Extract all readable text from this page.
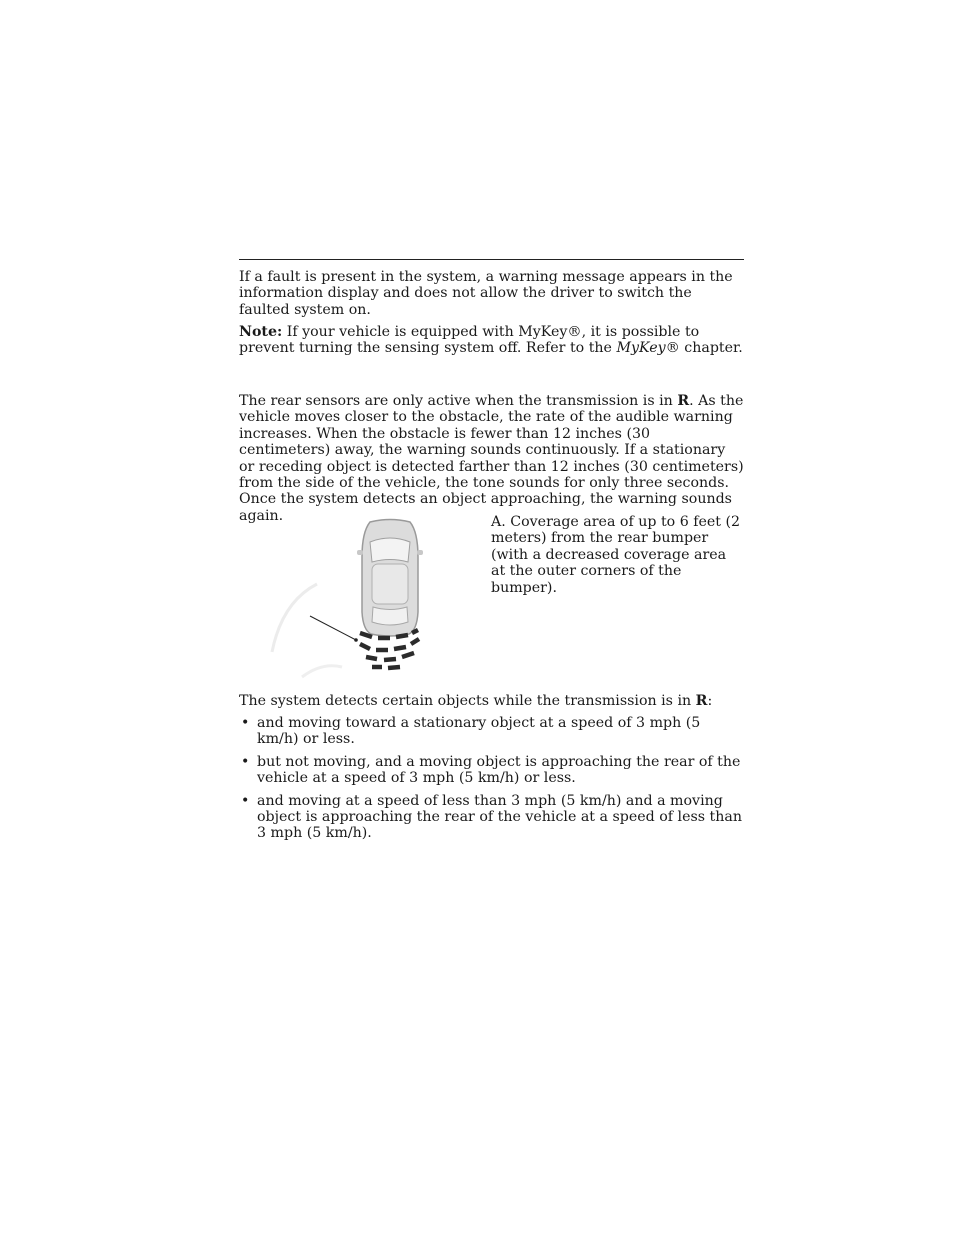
If a fault is present in the system, a warning message appears in the information display and does not allow the driver to switch the faulted system on.

Note: If your vehicle is equipped with MyKey®, it is possible to prevent turning the sensing system off. Refer to the MyKey® chapter.

The rear sensors are only active when the transmission is in R. As the vehicle moves closer to the obstacle, the rate of the audible warning increases. When the obstacle is fewer than 12 inches (30 centimeters) away, the warning sounds continuously. If a stationary or receding object is detected farther than 12 inches (30 centimeters) from the side of the vehicle, the tone sounds for only three seconds. Once the system detects an object approaching, the warning sounds again.	A. Coverage area of up to 6 feet (2 meters) from the rear bumper (with a decreased coverage area at the outer corners of the bumper).

The system detects certain objects while the transmission is in R:

• and moving toward a stationary object at a speed of 3 mph (5 km/h) or less.
• but not moving, and a moving object is approaching the rear of the vehicle at a speed of 3 mph (5 km/h) or less.
• and moving at a speed of less than 3 mph (5 km/h) and a moving object is approaching the rear of the vehicle at a speed of less than 3 mph (5 km/h).
